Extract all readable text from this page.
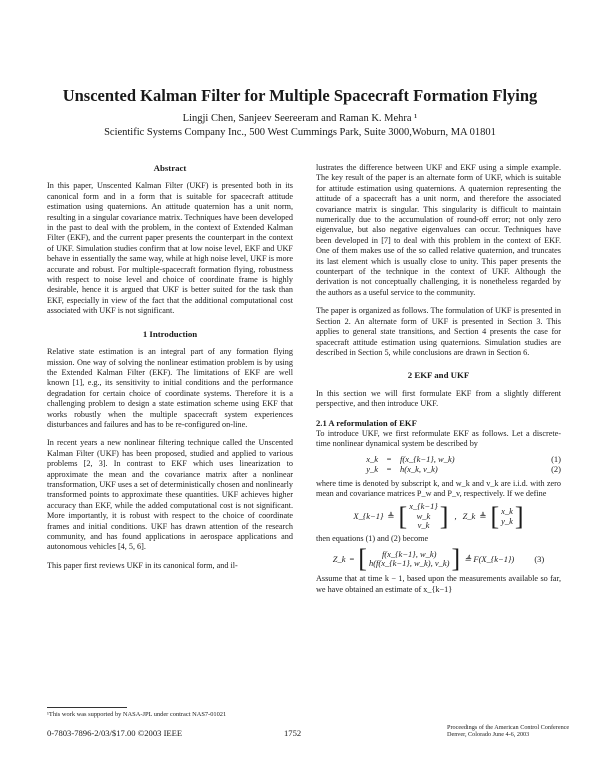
Unscented Kalman Filter for Multiple Spacecraft Formation Flying
Lingji Chen, Sanjeev Seereeram and Raman K. Mehra ¹
Scientific Systems Company Inc., 500 West Cummings Park, Suite 3000,Woburn, MA 01801
Abstract

In this paper, Unscented Kalman Filter (UKF) is presented both in its canonical form and in a form that is suitable for spacecraft attitude estimation using quaternions. An attitude quaternion has a unit norm, resulting in a singular covariance matrix. Techniques have been developed in the past to deal with the problem, in the context of Extended Kalman Filter (EKF), and the current paper presents the counterpart in the context of UKF. Simulation studies confirm that at low noise level, EKF and UKF behave in essentially the same way, while at high noise level, UKF is more accurate and robust. For multiple-spacecraft formation flying, robustness with respect to noise level and choice of coordinate frame is highly desirable, hence it is argued that UKF is better suited for the task than EKF, especially in view of the fact that the additional computational cost associated with UKF is not significant.

1 Introduction

Relative state estimation is an integral part of any formation flying mission. One way of solving the nonlinear estimation problem is by using the Extended Kalman Filter (EKF). The limitations of EKF are well known [1], e.g., its sensitivity to initial conditions and the performance degradation for certain choice of coordinate systems. Therefore it is a challenging problem to design a state estimation scheme using EKF that works robustly when the multiple spacecraft system experiences disturbances and failures and has to be re-configured on-line.

In recent years a new nonlinear filtering technique called the Unscented Kalman Filter (UKF) has been proposed, studied and applied to various problems [2, 3]. In contrast to EKF which uses linearization to approximate the mean and the covariance matrix after a nonlinear transformation, UKF uses a set of deterministically chosen and nonlinearly transformed points to approximate these quantities. UKF achieves higher accuracy than EKF, while the added computational cost is not significant. More importantly, it is robust with respect to the choice of coordinate frames and initial conditions. UKF has drawn attention of the research community, and has found applications in aerospace applications and autonomous vehicles [4, 5, 6].

This paper first reviews UKF in its canonical form, and il-

lustrates the difference between UKF and EKF using a simple example. The key result of the paper is an alternate form of UKF, which is suitable for attitude estimation using quaternions. A quaternion representing the attitude of a spacecraft has a unit norm, and therefore the associated covariance matrix is singular. This singularity is difficult to maintain numerically due to the accumulation of round-off error; not only zero eigenvalue, but also negative eigenvalues can occur. Techniques have been developed in [7] to deal with this problem in the context of EKF. One of them makes use of the so called relative quaternion, and truncates its last element which is usually close to unity. This paper presents the counterpart of the technique in the context of UKF. Although the derivation is not conceptually challenging, it is nonetheless regarded by the authors as a useful service to the community.

The paper is organized as follows. The formulation of UKF is presented in Section 2. An alternate form of UKF is presented in Section 3. This applies to general state transitions, and Section 4 presents the case for spacecraft attitude estimation using quaternions. Simulation studies are described in Section 5, while conclusions are drawn in Section 6.

2 EKF and UKF

In this section we will first formulate EKF from a slightly different perspective, and then introduce UKF.

2.1 A reformulation of EKF

To introduce UKF, we first reformulate EKF as follows. Let a discrete-time nonlinear dynamical system be described by

x_k	=	f(x_{k−1}, w_k)	(1)
y_k	=	h(x_k, v_k)	(2)

where time is denoted by subscript k, and w_k and v_k are i.i.d. with zero mean and covariance matrices P_w and P_v, respectively. If we define

X_{k−1} ≜ [ x_{k−1}
w_k
v_k ] , Z_k ≜ [ x_k
y_k ]

then equations (1) and (2) become

Z_k = [ f(x_{k−1}, w_k)
h(f(x_{k−1}, w_k), v_k) ] ≜ F(X_{k−1})	(3)

Assume that at time k − 1, based upon the measurements available so far, we have obtained an estimate of x_{k−1}

¹This work was supported by NASA-JPL under contract NAS7-01021
0-7803-7896-2/03/$17.00 ©2003 IEEE	1752
Proceedings of the American Control Conference
Denver, Colorado June 4-6, 2003
